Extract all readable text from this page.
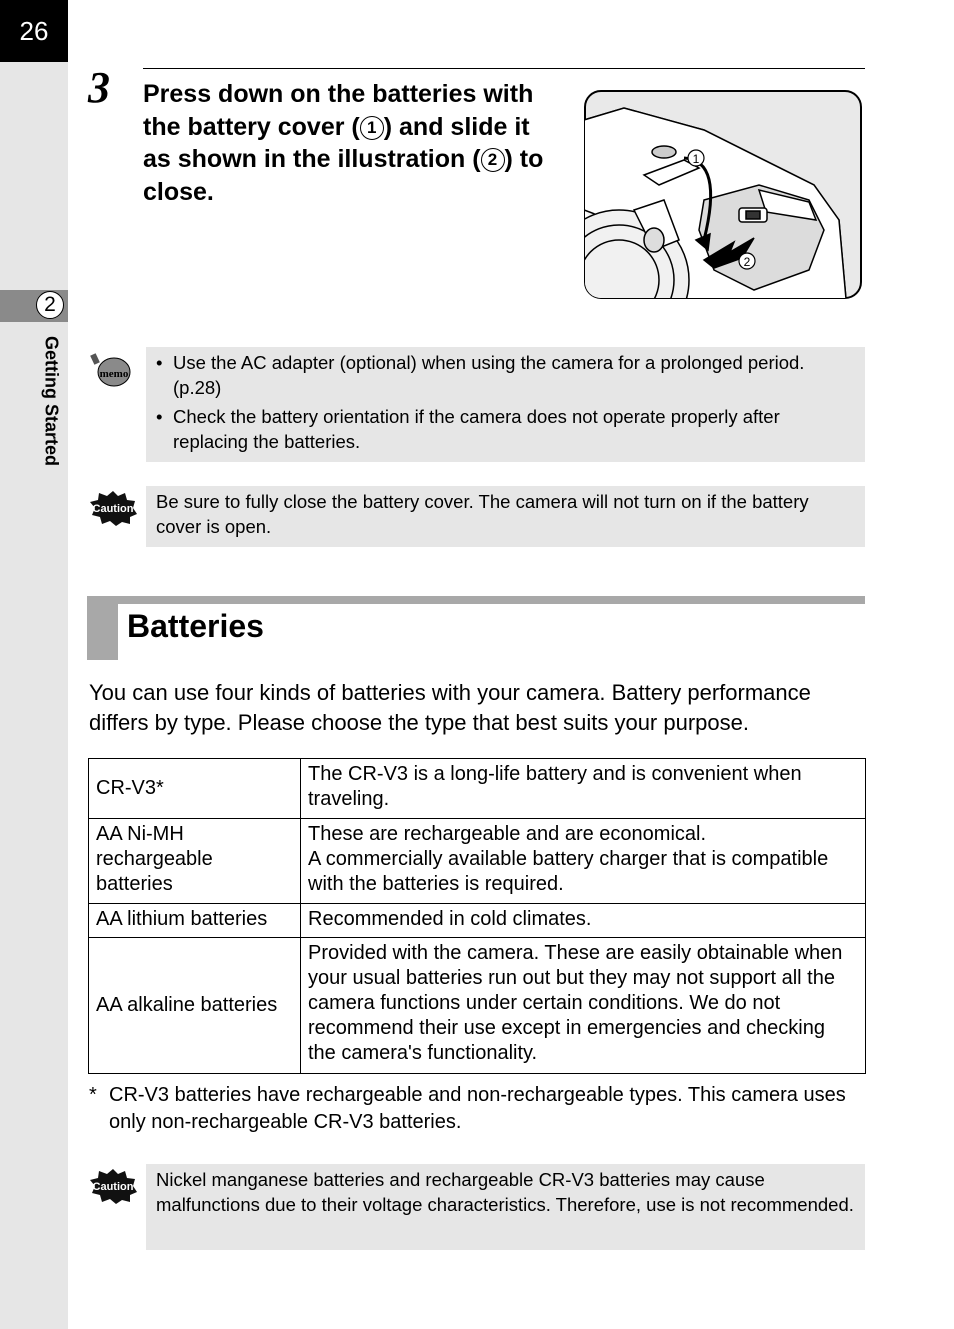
26
2
Getting Started
3 Press down on the batteries with the battery cover ( 1 ) and slide it as shown in the illustration ( 2 ) to close.
1
2
memo
• Use the AC adapter (optional) when using the camera for a prolonged period. (p.28)
• Check the battery orientation if the camera does not operate properly after replacing the batteries.
Caution	Be sure to fully close the battery cover. The camera will not turn on if the battery cover is open.
Batteries
You can use four kinds of batteries with your camera. Battery performance differs by type. Please choose the type that best suits your purpose.
CR-V3*	The CR-V3 is a long-life battery and is convenient when traveling.
AA Ni-MH rechargeable batteries	These are rechargeable and are economical.
A commercially available battery charger that is compatible with the batteries is required.
AA lithium batteries	Recommended in cold climates.
AA alkaline batteries	Provided with the camera. These are easily obtainable when your usual batteries run out but they may not support all the camera functions under certain conditions. We do not recommend their use except in emergencies and checking the camera's functionality.
* CR-V3 batteries have rechargeable and non-rechargeable types. This camera uses only non-rechargeable CR-V3 batteries.
Caution	Nickel manganese batteries and rechargeable CR-V3 batteries may cause malfunctions due to their voltage characteristics. Therefore, use is not recommended.
